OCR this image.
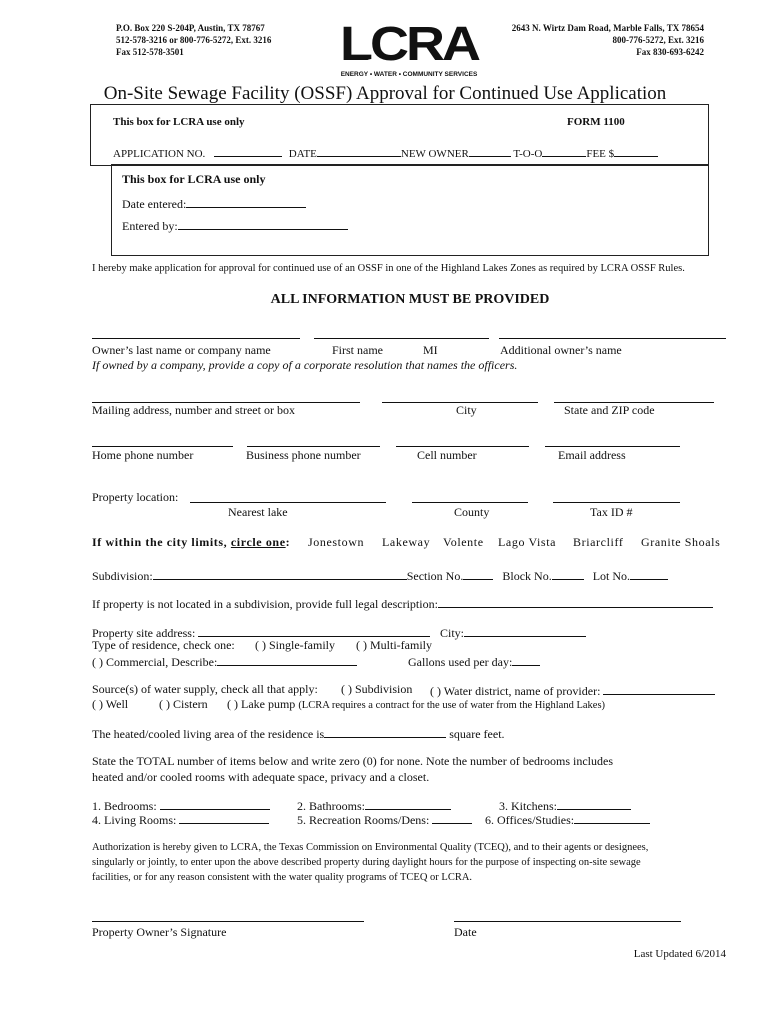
P.O. Box 220 S-204P, Austin, TX 78767
512-578-3216 or 800-776-5272, Ext. 3216
Fax 512-578-3501
2643 N. Wirtz Dam Road, Marble Falls, TX 78654
800-776-5272, Ext. 3216
Fax 830-693-6242
LCRA
ENERGY • WATER • COMMUNITY SERVICES
On-Site Sewage Facility (OSSF) Approval for Continued Use Application
This box for LCRA use only	FORM 1100
APPLICATION NO.	DATE	NEW OWNER	T-O-O	FEE $
This box for LCRA use only
Date entered:
Entered by:
I hereby make application for approval for continued use of an OSSF in one of the Highland Lakes Zones as required by LCRA OSSF Rules.
ALL INFORMATION MUST BE PROVIDED
Owner’s last name or company name	First name	MI	Additional owner’s name
If owned by a company, provide a copy of a corporate resolution that names the officers.
Mailing address, number and street or box	City	State and ZIP code
Home phone number	Business phone number	Cell number	Email address
Property location:
Nearest lake	County	Tax ID #
If within the city limits, circle one: Jonestown Lakeway Volente Lago Vista Briarcliff Granite Shoals
Subdivision:	Section No.	Block No.	Lot No.
If property is not located in a subdivision, provide full legal description:
Property site address:	City:
Type of residence, check one: ( ) Single-family ( ) Multi-family
( ) Commercial, Describe:	Gallons used per day:
Source(s) of water supply, check all that apply: ( ) Subdivision ( ) Water district, name of provider:
( ) Well	( ) Cistern ( ) Lake pump (LCRA requires a contract for the use of water from the Highland Lakes)
The heated/cooled living area of the residence is	square feet.
State the TOTAL number of items below and write zero (0) for none. Note the number of bedrooms includes
heated and/or cooled rooms with adequate space, privacy and a closet.
1. Bedrooms:	2. Bathrooms:	3. Kitchens:
4. Living Rooms:	5. Recreation Rooms/Dens:	6. Offices/Studies:
Authorization is hereby given to LCRA, the Texas Commission on Environmental Quality (TCEQ), and to their agents or designees,
singularly or jointly, to enter upon the above described property during daylight hours for the purpose of inspecting on-site sewage
facilities, or for any reason consistent with the water quality programs of TCEQ or LCRA.
Property Owner’s Signature	Date
Last Updated 6/2014
